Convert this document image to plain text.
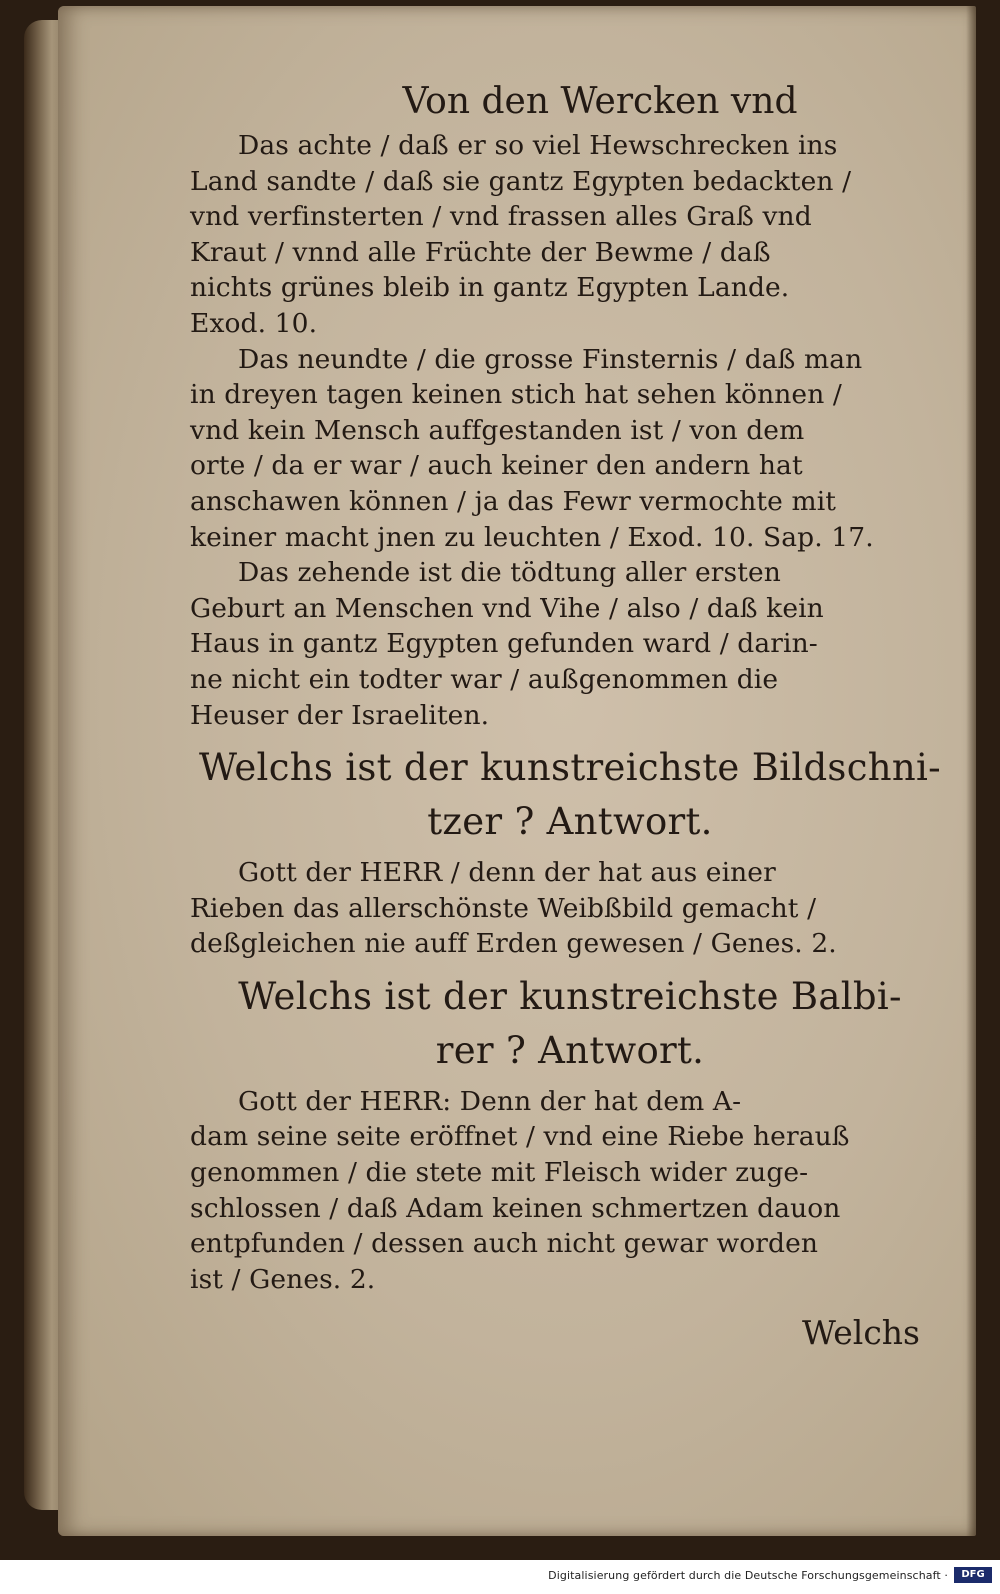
Von den Wercken vnd

Das achte / daß er so viel Hewschrecken ins
Land sandte / daß sie gantz Egypten bedackten /
vnd verfinsterten / vnd frassen alles Graß vnd
Kraut / vnnd alle Früchte der Bewme / daß
nichts grünes bleib in gantz Egypten Lande.
Exod. 10.

Das neundte / die grosse Finsternis / daß man
in dreyen tagen keinen stich hat sehen können /
vnd kein Mensch auffgestanden ist / von dem
orte / da er war / auch keiner den andern hat
anschawen können / ja das Fewr vermochte mit
keiner macht jnen zu leuchten / Exod. 10. Sap. 17.

Das zehende ist die tödtung aller ersten
Geburt an Menschen vnd Vihe / also / daß kein
Haus in gantz Egypten gefunden ward / darin-
ne nicht ein todter war / außgenommen die
Heuser der Israeliten.

Welchs ist der kunstreichste Bildschni-
tzer ? Antwort.

Gott der HERR / denn der hat aus einer
Rieben das allerschönste Weibßbild gemacht /
deßgleichen nie auff Erden gewesen / Genes. 2.

Welchs ist der kunstreichste Balbi-
rer ? Antwort.

Gott der HERR: Denn der hat dem A-
dam seine seite eröffnet / vnd eine Riebe herauß
genommen / die stete mit Fleisch wider zuge-
schlossen / daß Adam keinen schmertzen dauon
entpfunden / dessen auch nicht gewar worden
ist / Genes. 2.

Welchs
Digitalisierung gefördert durch die Deutsche Forschungsgemeinschaft ·	DFG
